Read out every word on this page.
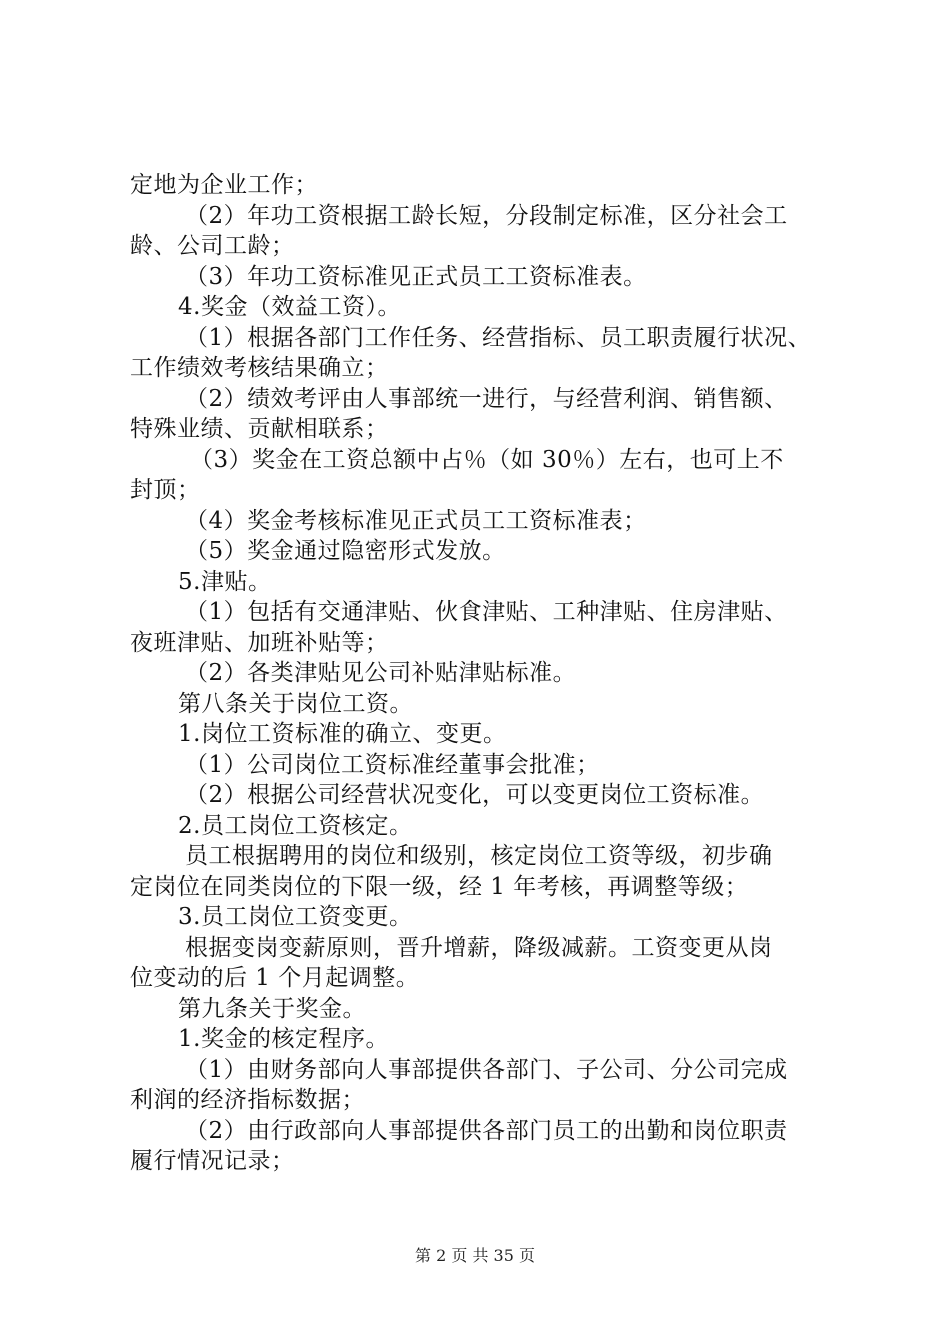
定地为企业工作；
（2）年功工资根据工龄长短，分段制定标准，区分社会工
龄、公司工龄；
（3）年功工资标准见正式员工工资标准表。
4.奖金（效益工资）。
（1）根据各部门工作任务、经营指标、员工职责履行状况、
工作绩效考核结果确立；
（2）绩效考评由人事部统一进行，与经营利润、销售额、
特殊业绩、贡献相联系；
（3）奖金在工资总额中占％（如 30％）左右，也可上不
封顶；
（4）奖金考核标准见正式员工工资标准表；
（5）奖金通过隐密形式发放。
5.津贴。
（1）包括有交通津贴、伙食津贴、工种津贴、住房津贴、
夜班津贴、加班补贴等；
（2）各类津贴见公司补贴津贴标准。
第八条关于岗位工资。
1.岗位工资标准的确立、变更。
（1）公司岗位工资标准经董事会批准；
（2）根据公司经营状况变化，可以变更岗位工资标准。
2.员工岗位工资核定。
员工根据聘用的岗位和级别，核定岗位工资等级，初步确
定岗位在同类岗位的下限一级，经 1 年考核，再调整等级；
3.员工岗位工资变更。
根据变岗变薪原则，晋升增薪，降级减薪。工资变更从岗
位变动的后 1 个月起调整。
第九条关于奖金。
1.奖金的核定程序。
（1）由财务部向人事部提供各部门、子公司、分公司完成
利润的经济指标数据；
（2）由行政部向人事部提供各部门员工的出勤和岗位职责
履行情况记录；
第 2 页 共 35 页
